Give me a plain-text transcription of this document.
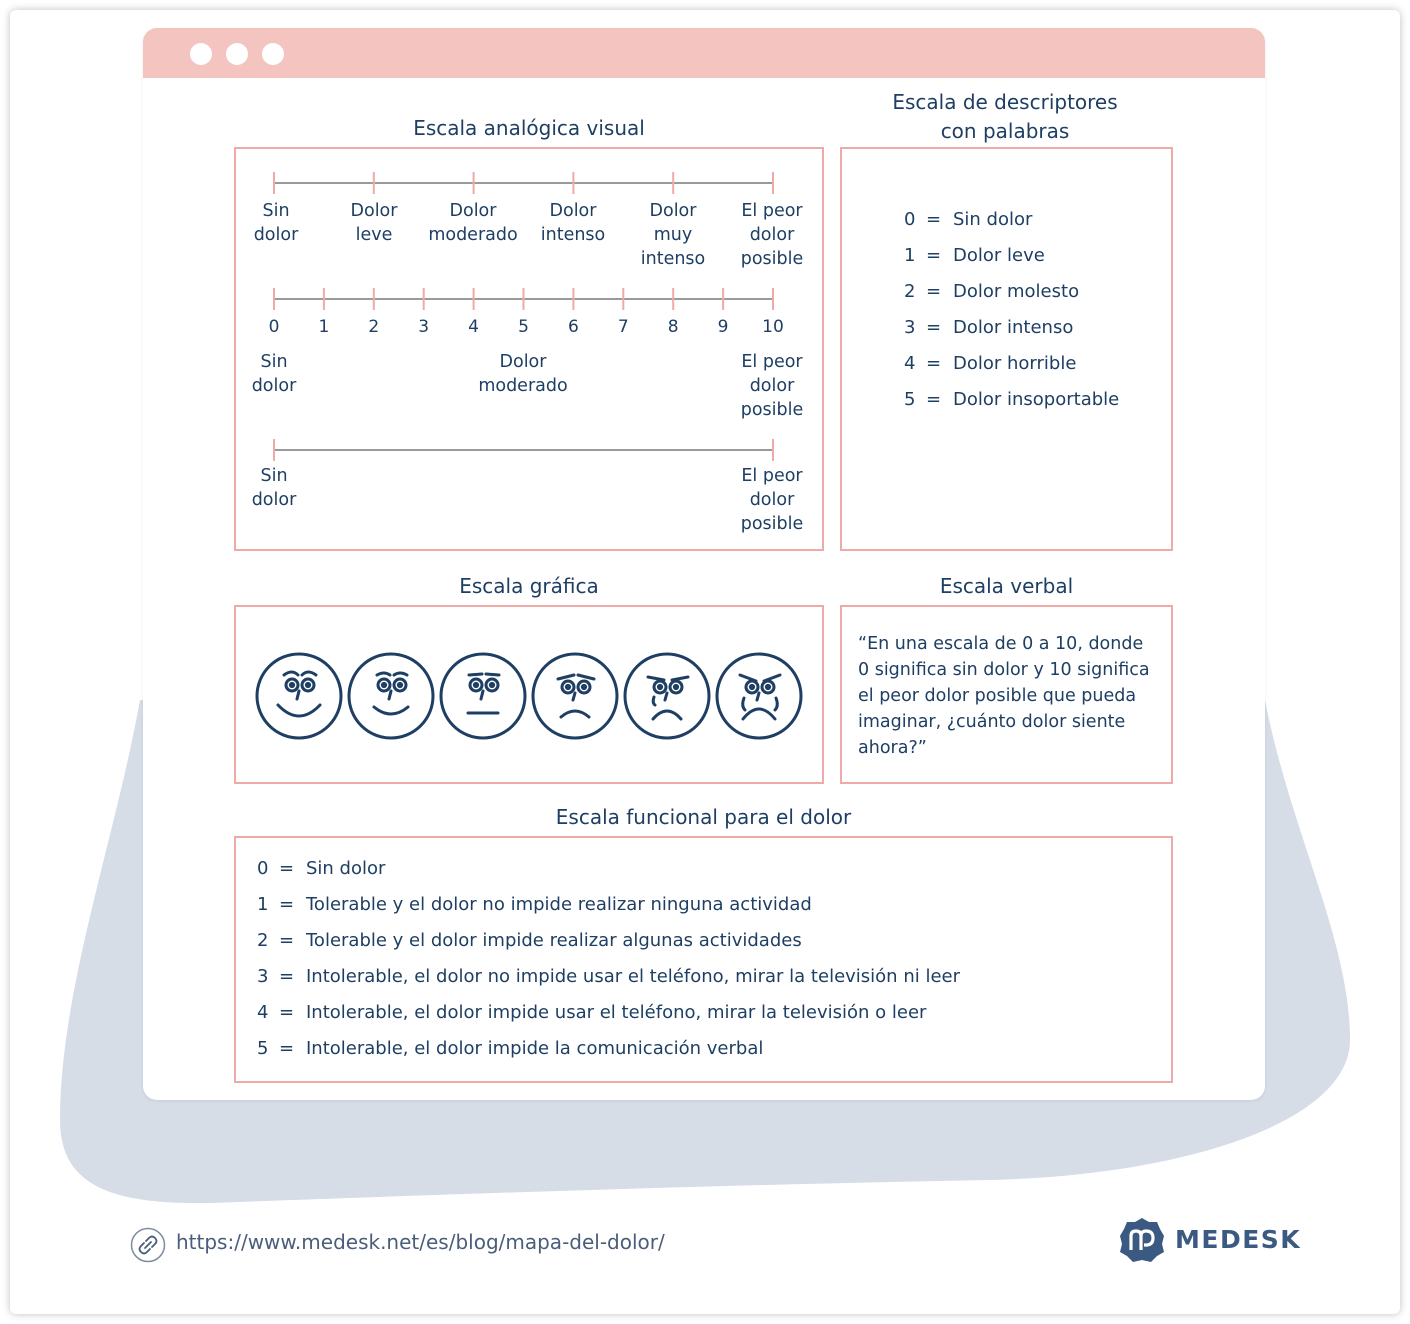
Escala analógica visual
Escala de descriptores
con palabras
Sin
dolor
Dolor
leve
Dolor
moderado
Dolor
intenso
Dolor
muy
intenso
El peor
dolor
posible
0	1	2	3	4	5	6	7	8	9	10
Sin
dolor
Dolor
moderado
El peor
dolor
posible
Sin
dolor
El peor
dolor
posible
0 = Sin dolor
1 = Dolor leve
2 = Dolor molesto
3 = Dolor intenso
4 = Dolor horrible
5 = Dolor insoportable
Escala gráfica	Escala verbal
“En una escala de 0 a 10, donde 0 significa sin dolor y 10 significa el peor dolor posible que pueda imaginar, ¿cuánto dolor siente ahora?”
Escala funcional para el dolor
0 = Sin dolor
1 = Tolerable y el dolor no impide realizar ninguna actividad
2 = Tolerable y el dolor impide realizar algunas actividades
3 = Intolerable, el dolor no impide usar el teléfono, mirar la televisión ni leer
4 = Intolerable, el dolor impide usar el teléfono, mirar la televisión o leer
5 = Intolerable, el dolor impide la comunicación verbal
https://www.medesk.net/es/blog/mapa-del-dolor/	MEDESK
